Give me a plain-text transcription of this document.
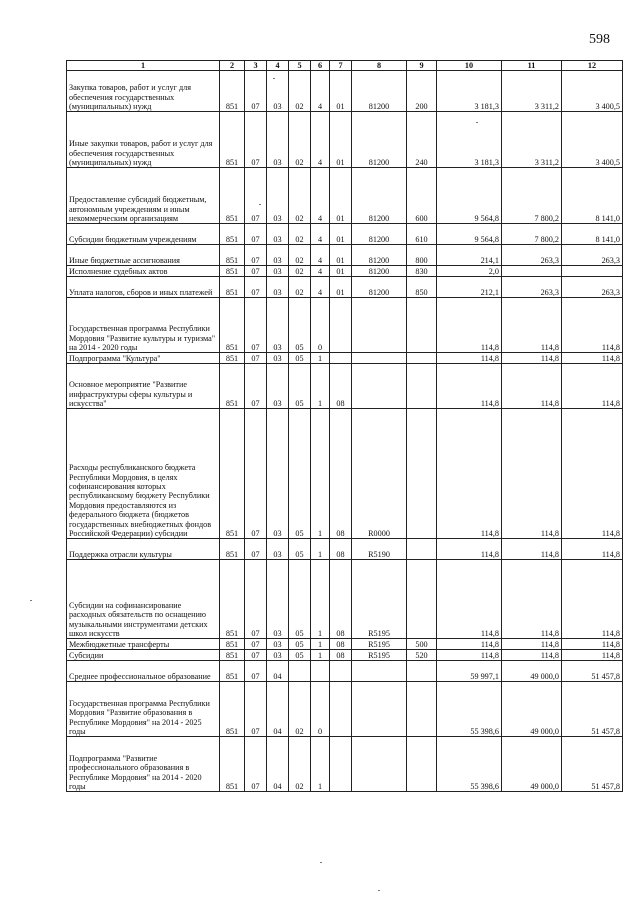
598
1	2	3	4	5	6	7	8	9	10	11	12
Закупка товаров, работ и услуг для обеспечения государственных (муниципальных) нужд	851	07	03	02	4	01	81200	200	3 181,3	3 311,2	3 400,5
Иные закупки товаров, работ и услуг для обеспечения государственных (муниципальных) нужд	851	07	03	02	4	01	81200	240	3 181,3	3 311,2	3 400,5
Предоставление субсидий бюджетным, автономным учреждениям и иным некоммерческим организациям	851	07	03	02	4	01	81200	600	9 564,8	7 800,2	8 141,0
Субсидии бюджетным учреждениям	851	07	03	02	4	01	81200	610	9 564,8	7 800,2	8 141,0
Иные бюджетные ассигнования	851	07	03	02	4	01	81200	800	214,1	263,3	263,3
Исполнение судебных актов	851	07	03	02	4	01	81200	830	2,0		
Уплата налогов, сборов и иных платежей	851	07	03	02	4	01	81200	850	212,1	263,3	263,3
Государственная программа Республики Мордовия "Развитие культуры и туризма" на 2014 - 2020 годы	851	07	03	05	0				114,8	114,8	114,8
Подпрограмма "Культура"	851	07	03	05	1				114,8	114,8	114,8
Основное мероприятие "Развитие инфраструктуры сферы культуры и искусства"	851	07	03	05	1	08			114,8	114,8	114,8
Расходы республиканского бюджета Республики Мордовия, в целях софинансирования которых республиканскому бюджету Республики Мордовия предоставляются из федерального бюджета (бюджетов государственных внебюджетных фондов Российской Федерации) субсидии	851	07	03	05	1	08	R0000		114,8	114,8	114,8
Поддержка отрасли культуры	851	07	03	05	1	08	R5190		114,8	114,8	114,8
Субсидии на софинансирование расходных обязательств по оснащению музыкальными инструментами детских школ искусств	851	07	03	05	1	08	R5195		114,8	114,8	114,8
Межбюджетные трансферты	851	07	03	05	1	08	R5195	500	114,8	114,8	114,8
Субсидии	851	07	03	05	1	08	R5195	520	114,8	114,8	114,8
Среднее профессиональное образование	851	07	04						59 997,1	49 000,0	51 457,8
Государственная программа Республики Мордовия "Развитие образования в Республике Мордовия" на 2014 - 2025 годы	851	07	04	02	0				55 398,6	49 000,0	51 457,8
Подпрограмма "Развитие профессионального образования в Республике Мордовия" на 2014 - 2020 годы	851	07	04	02	1				55 398,6	49 000,0	51 457,8
